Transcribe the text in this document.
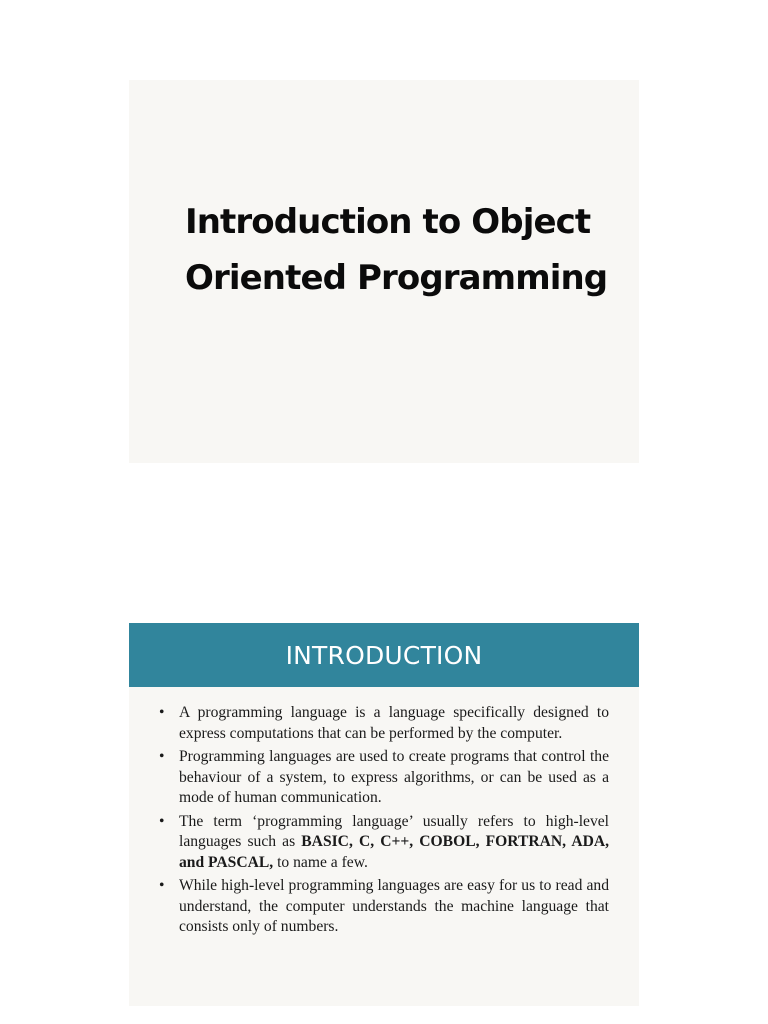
Introduction to Object
Oriented Programming
INTRODUCTION
• A programming language is a language specifically designed to express computations that can be performed by the computer.
• Programming languages are used to create programs that control the behaviour of a system, to express algorithms, or can be used as a mode of human communication.
• The term ‘programming language’ usually refers to high-level languages such as BASIC, C, C++, COBOL, FORTRAN, ADA, and PASCAL, to name a few.
• While high-level programming languages are easy for us to read and understand, the computer understands the machine language that consists only of numbers.
